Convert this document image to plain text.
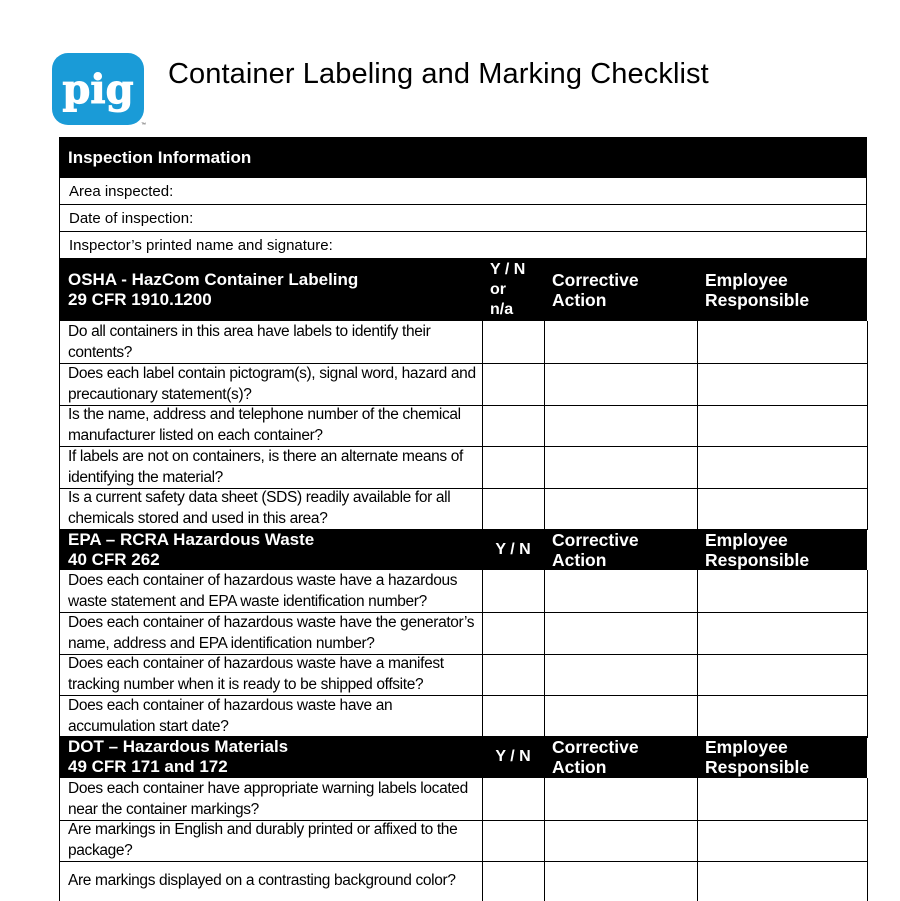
pig
™
Container Labeling and Marking Checklist
Inspection Information
Area inspected:
Date of inspection:
Inspector’s printed name and signature:
OSHA - HazCom Container Labeling
29 CFR 1910.1200
Y / N
or
n/a
Corrective
Action
Employee
Responsible
Do all containers in this area have labels to identify their
contents?
Does each label contain pictogram(s), signal word, hazard and
precautionary statement(s)?
Is the name, address and telephone number of the chemical
manufacturer listed on each container?
If labels are not on containers, is there an alternate means of
identifying the material?
Is a current safety data sheet (SDS) readily available for all
chemicals stored and used in this area?
EPA – RCRA Hazardous Waste
40 CFR 262
Y / N	Corrective
Action
Employee
Responsible
Does each container of hazardous waste have a hazardous
waste statement and EPA waste identification number?
Does each container of hazardous waste have the generator’s
name, address and EPA identification number?
Does each container of hazardous waste have a manifest
tracking number when it is ready to be shipped offsite?
Does each container of hazardous waste have an
accumulation start date?
DOT – Hazardous Materials
49 CFR 171 and 172
Y / N	Corrective
Action
Employee
Responsible
Does each container have appropriate warning labels located
near the container markings?
Are markings in English and durably printed or affixed to the
package?
Are markings displayed on a contrasting background color?
